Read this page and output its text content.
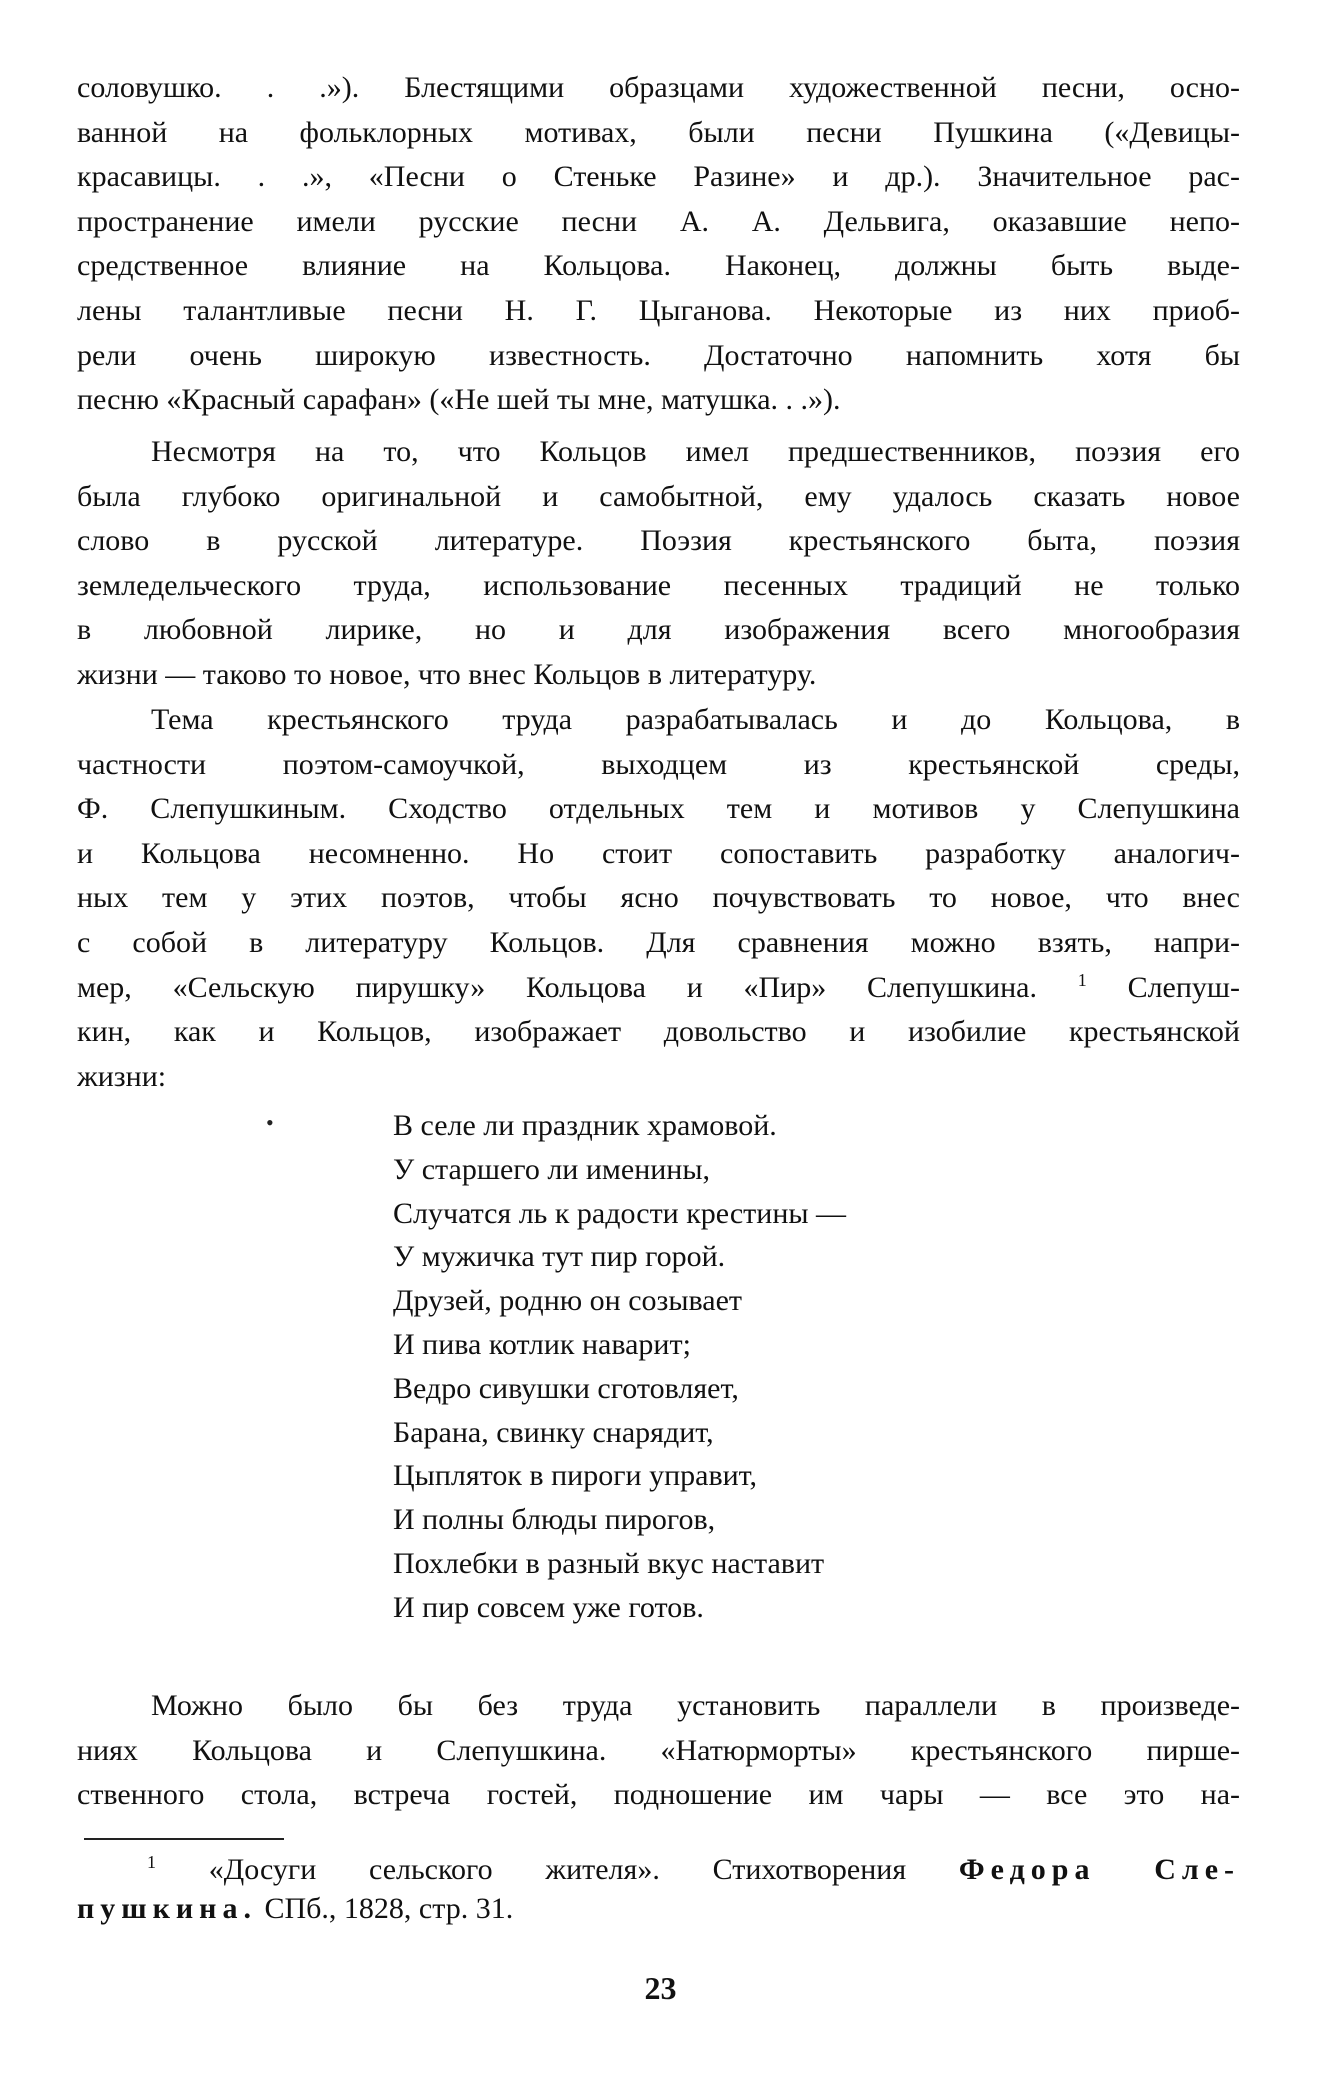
соловушко. . .»). Блестящими образцами художественной песни, осно-
ванной на фольклорных мотивах, были песни Пушкина («Девицы-
красавицы. . .», «Песни о Стеньке Разине» и др.). Значительное рас-
пространение имели русские песни А. А. Дельвига, оказавшие непо-
средственное влияние на Кольцова. Наконец, должны быть выде-
лены талантливые песни Н. Г. Цыганова. Некоторые из них приоб-
рели очень широкую известность. Достаточно напомнить хотя бы
песню «Красный сарафан» («Не шей ты мне, матушка. . .»).
Несмотря на то, что Кольцов имел предшественников, поэзия его
была глубоко оригинальной и самобытной, ему удалось сказать новое
слово в русской литературе. Поэзия крестьянского быта, поэзия
земледельческого труда, использование песенных традиций не только
в любовной лирике, но и для изображения всего многообразия
жизни — таково то новое, что внес Кольцов в литературу.
Тема крестьянского труда разрабатывалась и до Кольцова, в
частности поэтом-самоучкой, выходцем из крестьянской среды,
Ф. Слепушкиным. Сходство отдельных тем и мотивов у Слепушкина
и Кольцова несомненно. Но стоит сопоставить разработку аналогич-
ных тем у этих поэтов, чтобы ясно почувствовать то новое, что внес
с собой в литературу Кольцов. Для сравнения можно взять, напри-
мер, «Сельскую пирушку» Кольцова и «Пир» Слепушкина. $^1$ Слепуш-
кин, как и Кольцов, изображает довольство и изобилие крестьянской
жизни:
•	В селе ли праздник храмовой.
У старшего ли именины,
Случатся ль к радости крестины —
У мужичка тут пир горой.
Друзей, родню он созывает
И пива котлик наварит;
Ведро сивушки сготовляет,
Барана, свинку снарядит,
Цыпляток в пироги управит,
И полны блюды пирогов,
Похлебки в разный вкус наставит
И пир совсем уже готов.
Можно было бы без труда установить параллели в произведе-
ниях Кольцова и Слепушкина. «Натюрморты» крестьянского пирше-
ственного стола, встреча гостей, подношение им чары — все это на-
$^1$ «Досуги сельского жителя». Стихотворения Федора Сле-
пушкина. СПб., 1828, стр. 31.
23
